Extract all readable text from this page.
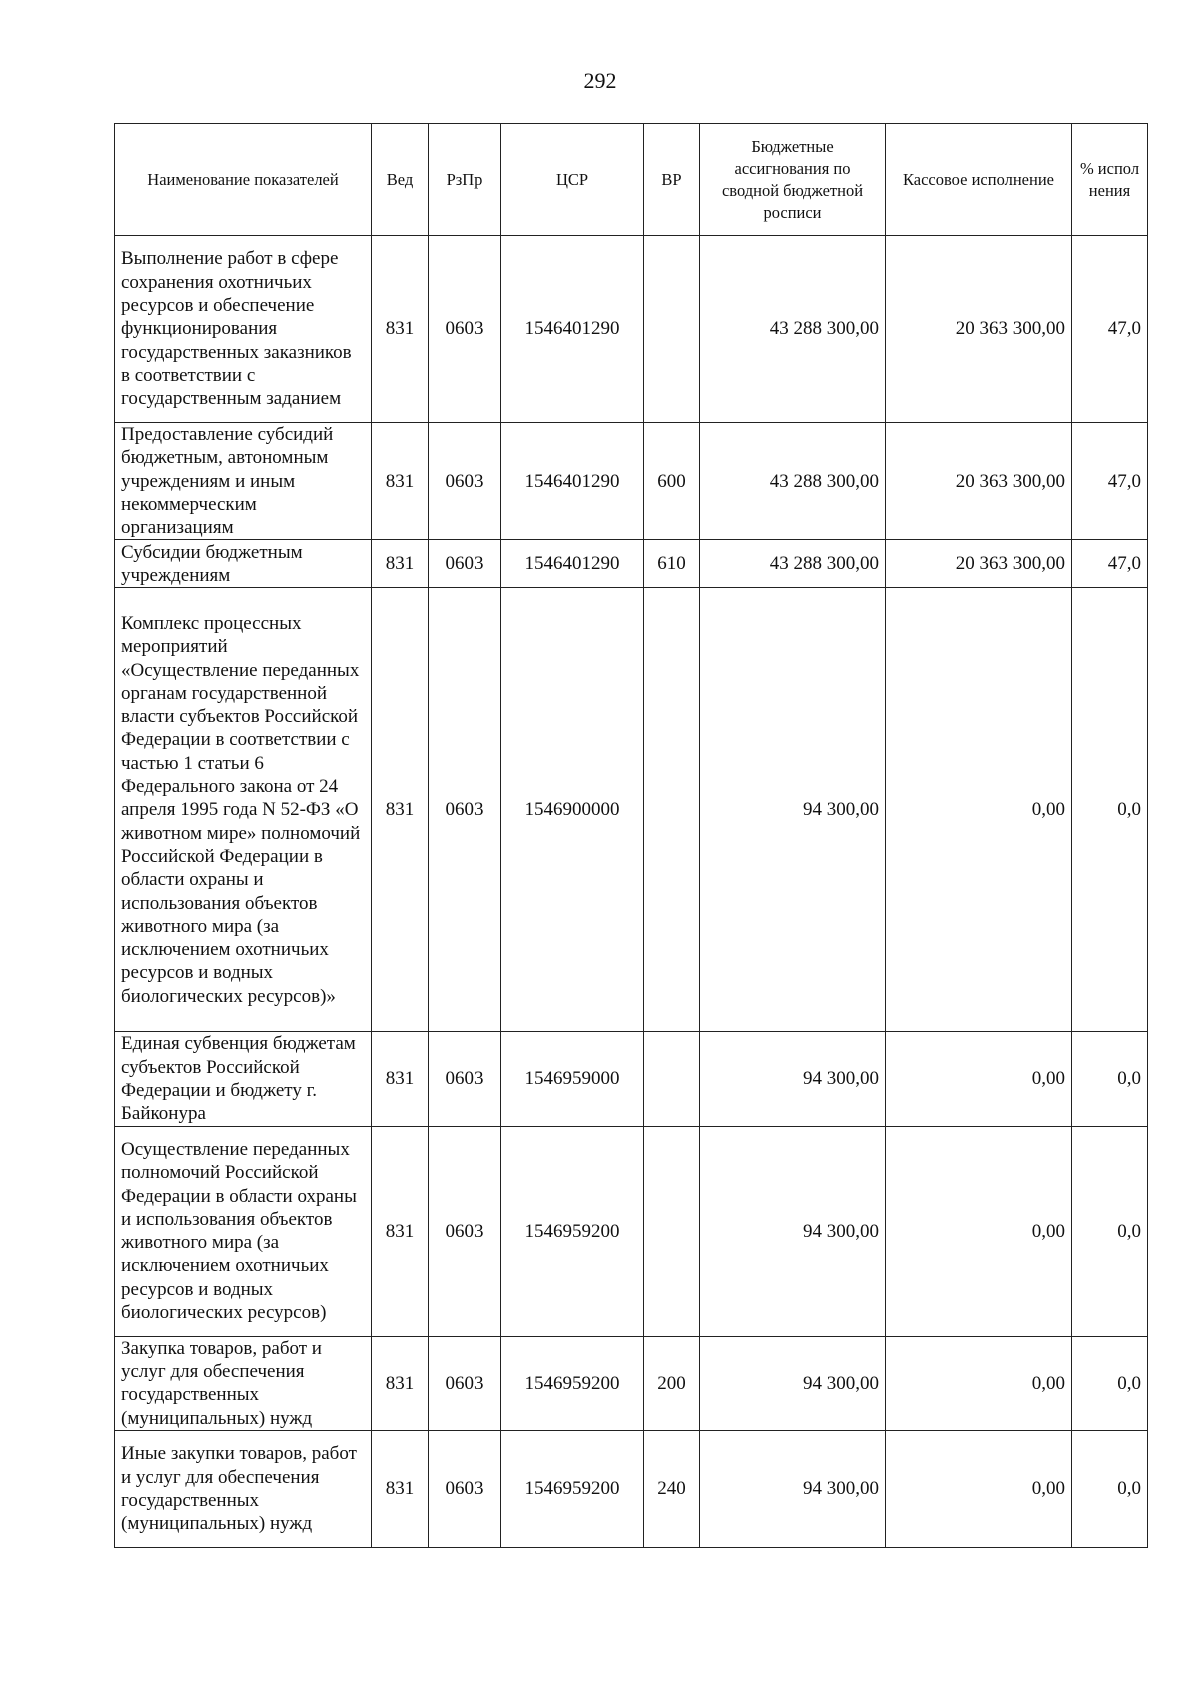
292
Наименование показателей	Вед	РзПр	ЦСР	ВР	Бюджетные ассигнования по сводной бюджетной росписи	Кассовое исполнение	% испол нения
Выполнение работ в сфере сохранения охотничьих ресурсов и обеспечение функционирования государственных заказников в соответствии с государственным заданием	831	0603	1546401290		43 288 300,00	20 363 300,00	47,0
Предоставление субсидий бюджетным, автономным учреждениям и иным некоммерческим организациям	831	0603	1546401290	600	43 288 300,00	20 363 300,00	47,0
Субсидии бюджетным учреждениям	831	0603	1546401290	610	43 288 300,00	20 363 300,00	47,0
Комплекс процессных мероприятий «Осуществление переданных органам государственной власти субъектов Российской Федерации в соответствии с частью 1 статьи 6 Федерального закона от 24 апреля 1995 года N 52-ФЗ «О животном мире» полномочий Российской Федерации в области охраны и использования объектов животного мира (за исключением охотничьих ресурсов и водных биологических ресурсов)»	831	0603	1546900000		94 300,00	0,00	0,0
Единая субвенция бюджетам субъектов Российской Федерации и бюджету г. Байконура	831	0603	1546959000		94 300,00	0,00	0,0
Осуществление переданных полномочий Российской Федерации в области охраны и использования объектов животного мира (за исключением охотничьих ресурсов и водных биологических ресурсов)	831	0603	1546959200		94 300,00	0,00	0,0
Закупка товаров, работ и услуг для обеспечения государственных (муниципальных) нужд	831	0603	1546959200	200	94 300,00	0,00	0,0
Иные закупки товаров, работ и услуг для обеспечения государственных (муниципальных) нужд	831	0603	1546959200	240	94 300,00	0,00	0,0
